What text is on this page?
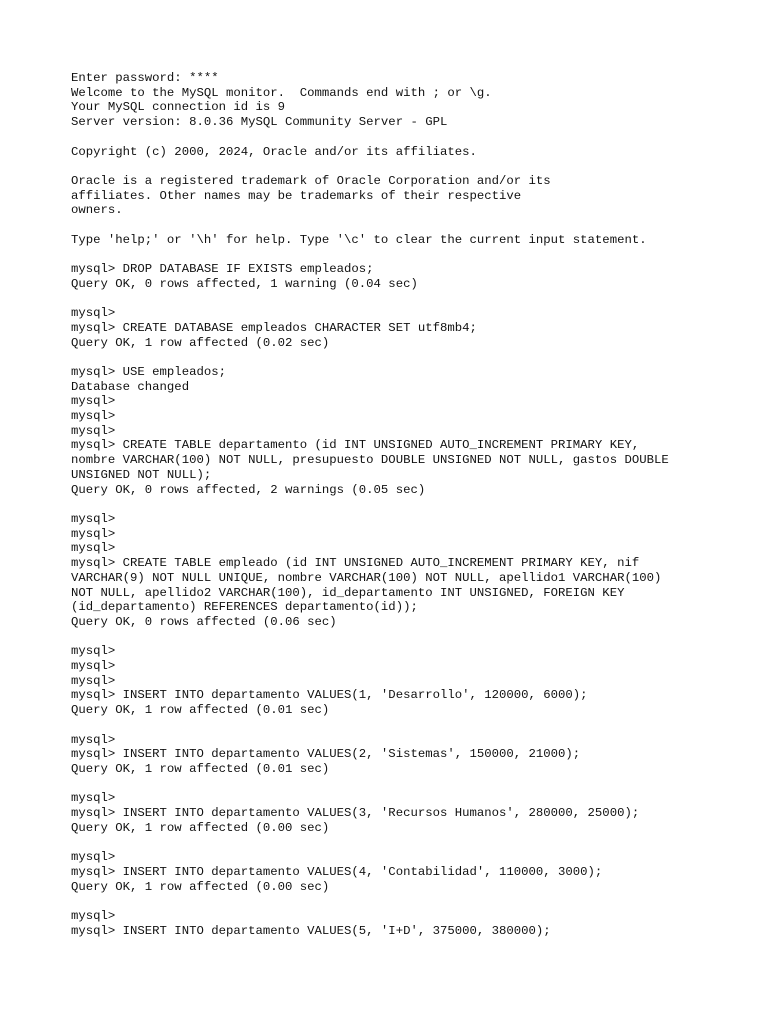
Enter password: ****
Welcome to the MySQL monitor.  Commands end with ; or \g.
Your MySQL connection id is 9
Server version: 8.0.36 MySQL Community Server - GPL
Copyright (c) 2000, 2024, Oracle and/or its affiliates.
Oracle is a registered trademark of Oracle Corporation and/or its
affiliates. Other names may be trademarks of their respective
owners.
Type 'help;' or '\h' for help. Type '\c' to clear the current input statement.
mysql> DROP DATABASE IF EXISTS empleados;
Query OK, 0 rows affected, 1 warning (0.04 sec)
mysql>
mysql> CREATE DATABASE empleados CHARACTER SET utf8mb4;
Query OK, 1 row affected (0.02 sec)
mysql> USE empleados;
Database changed
mysql>
mysql>
mysql>
mysql> CREATE TABLE departamento (id INT UNSIGNED AUTO_INCREMENT PRIMARY KEY,
nombre VARCHAR(100) NOT NULL, presupuesto DOUBLE UNSIGNED NOT NULL, gastos DOUBLE
UNSIGNED NOT NULL);
Query OK, 0 rows affected, 2 warnings (0.05 sec)
mysql>
mysql>
mysql>
mysql> CREATE TABLE empleado (id INT UNSIGNED AUTO_INCREMENT PRIMARY KEY, nif
VARCHAR(9) NOT NULL UNIQUE, nombre VARCHAR(100) NOT NULL, apellido1 VARCHAR(100)
NOT NULL, apellido2 VARCHAR(100), id_departamento INT UNSIGNED, FOREIGN KEY
(id_departamento) REFERENCES departamento(id));
Query OK, 0 rows affected (0.06 sec)
mysql>
mysql>
mysql>
mysql> INSERT INTO departamento VALUES(1, 'Desarrollo', 120000, 6000);
Query OK, 1 row affected (0.01 sec)
mysql>
mysql> INSERT INTO departamento VALUES(2, 'Sistemas', 150000, 21000);
Query OK, 1 row affected (0.01 sec)
mysql>
mysql> INSERT INTO departamento VALUES(3, 'Recursos Humanos', 280000, 25000);
Query OK, 1 row affected (0.00 sec)
mysql>
mysql> INSERT INTO departamento VALUES(4, 'Contabilidad', 110000, 3000);
Query OK, 1 row affected (0.00 sec)
mysql>
mysql> INSERT INTO departamento VALUES(5, 'I+D', 375000, 380000);
